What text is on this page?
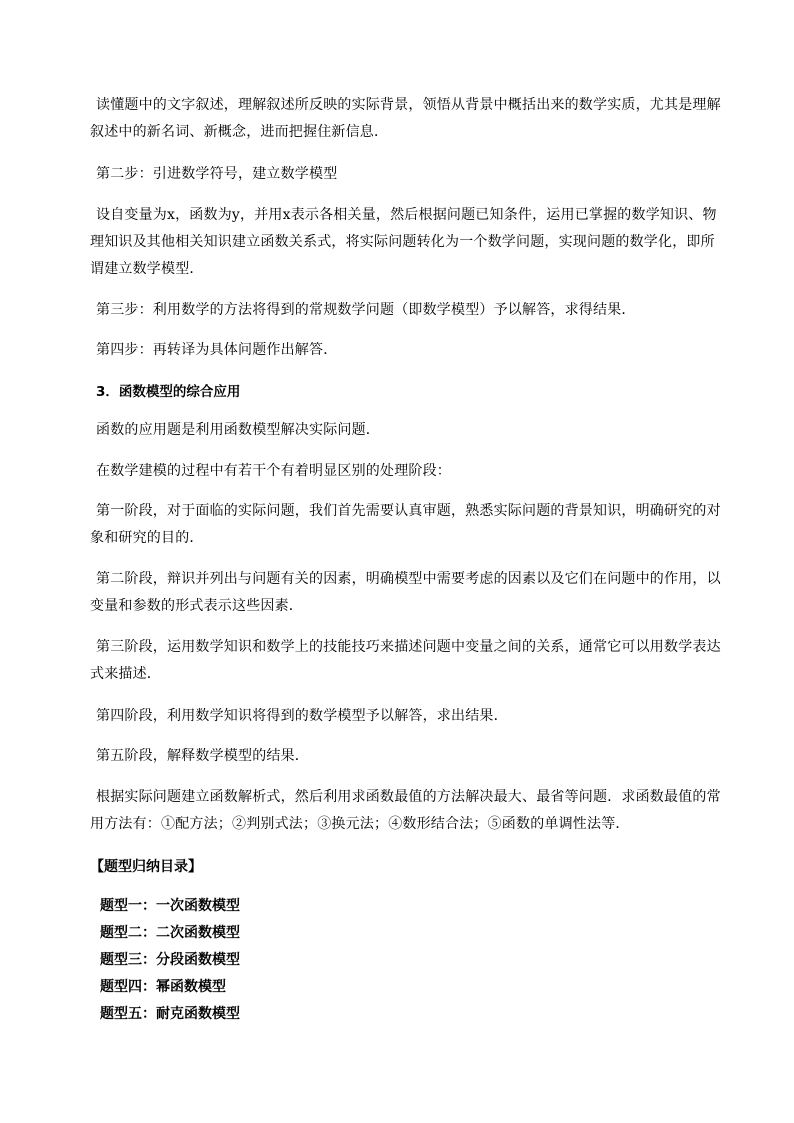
读懂题中的文字叙述，理解叙述所反映的实际背景，领悟从背景中概括出来的数学实质，尤其是理解叙述中的新名词、新概念，进而把握住新信息．

第二步：引进数学符号，建立数学模型

设自变量为x，函数为y，并用x表示各相关量，然后根据问题已知条件，运用已掌握的数学知识、物理知识及其他相关知识建立函数关系式，将实际问题转化为一个数学问题，实现问题的数学化，即所谓建立数学模型．

第三步：利用数学的方法将得到的常规数学问题（即数学模型）予以解答，求得结果．

第四步：再转译为具体问题作出解答．

3．函数模型的综合应用

函数的应用题是利用函数模型解决实际问题．

在数学建模的过程中有若干个有着明显区别的处理阶段：

第一阶段，对于面临的实际问题，我们首先需要认真审题，熟悉实际问题的背景知识，明确研究的对象和研究的目的．

第二阶段，辩识并列出与问题有关的因素，明确模型中需要考虑的因素以及它们在问题中的作用，以变量和参数的形式表示这些因素．

第三阶段，运用数学知识和数学上的技能技巧来描述问题中变量之间的关系，通常它可以用数学表达式来描述．

第四阶段，利用数学知识将得到的数学模型予以解答，求出结果．

第五阶段，解释数学模型的结果．

根据实际问题建立函数解析式，然后利用求函数最值的方法解决最大、最省等问题．求函数最值的常用方法有：①配方法；②判别式法；③换元法；④数形结合法；⑤函数的单调性法等．

【题型归纳目录】

题型一：一次函数模型
题型二：二次函数模型
题型三：分段函数模型
题型四：幂函数模型
题型五：耐克函数模型
